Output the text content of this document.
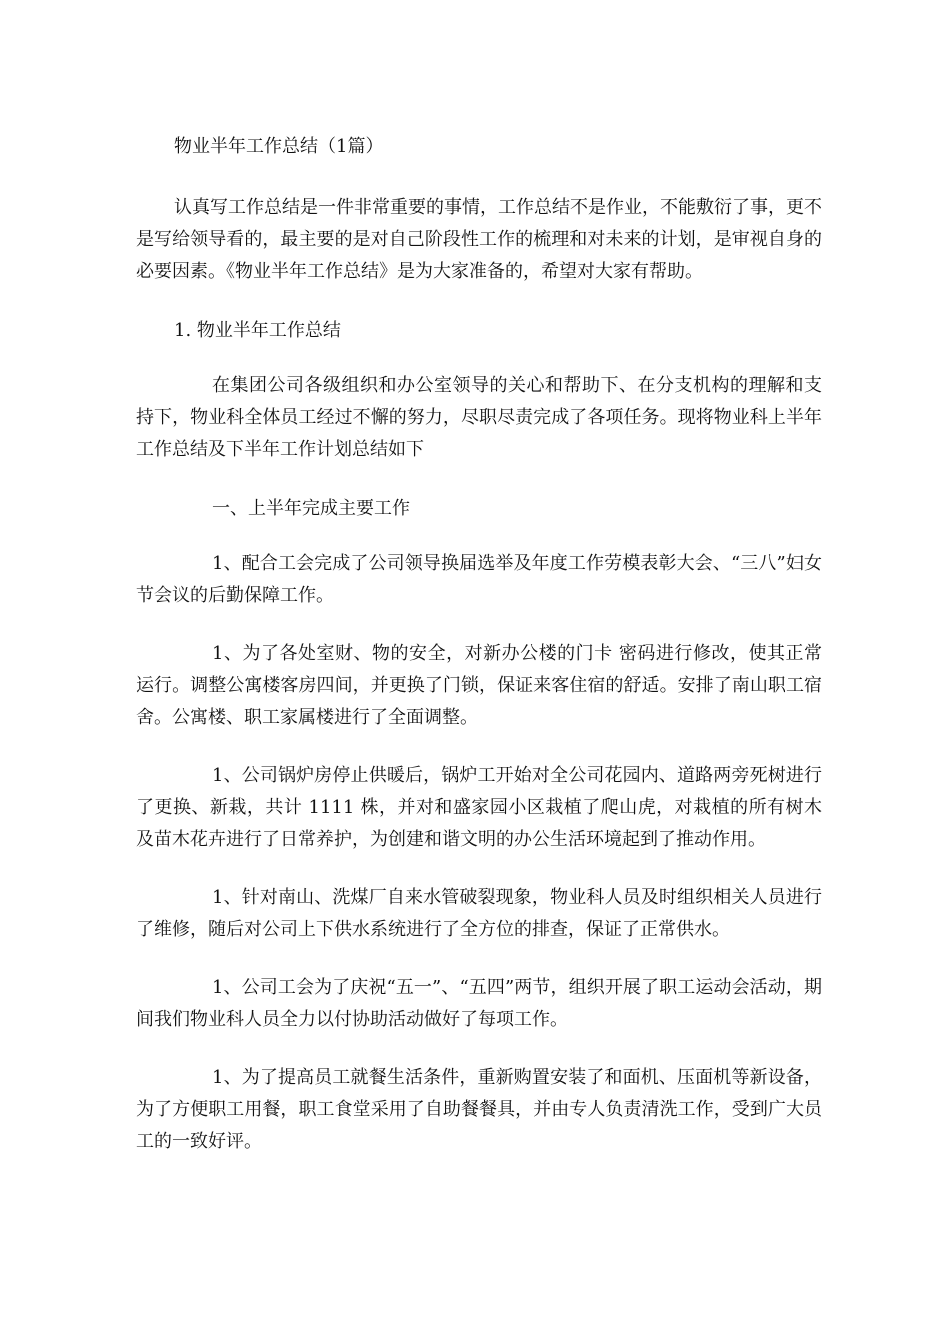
物业半年工作总结（1篇）

认真写工作总结是一件非常重要的事情，工作总结不是作业，不能敷衍了事，更不是写给领导看的，最主要的是对自己阶段性工作的梳理和对未来的计划，是审视自身的必要因素。《物业半年工作总结》是为大家准备的，希望对大家有帮助。

1. 物业半年工作总结

在集团公司各级组织和办公室领导的关心和帮助下、在分支机构的理解和支持下，物业科全体员工经过不懈的努力，尽职尽责完成了各项任务。现将物业科上半年工作总结及下半年工作计划总结如下

一、上半年完成主要工作

1、配合工会完成了公司领导换届选举及年度工作劳模表彰大会、“三八”妇女节会议的后勤保障工作。

1、为了各处室财、物的安全，对新办公楼的门卡 密码进行修改，使其正常运行。调整公寓楼客房四间，并更换了门锁，保证来客住宿的舒适。安排了南山职工宿舍。公寓楼、职工家属楼进行了全面调整。

1、公司锅炉房停止供暖后，锅炉工开始对全公司花园内、道路两旁死树进行了更换、新栽，共计 1111 株，并对和盛家园小区栽植了爬山虎，对栽植的所有树木及苗木花卉进行了日常养护，为创建和谐文明的办公生活环境起到了推动作用。

1、针对南山、洗煤厂自来水管破裂现象，物业科人员及时组织相关人员进行了维修，随后对公司上下供水系统进行了全方位的排查，保证了正常供水。

1、公司工会为了庆祝“五一”、“五四”两节，组织开展了职工运动会活动，期间我们物业科人员全力以付协助活动做好了每项工作。

1、为了提高员工就餐生活条件，重新购置安装了和面机、压面机等新设备，为了方便职工用餐，职工食堂采用了自助餐餐具，并由专人负责清洗工作，受到广大员工的一致好评。
